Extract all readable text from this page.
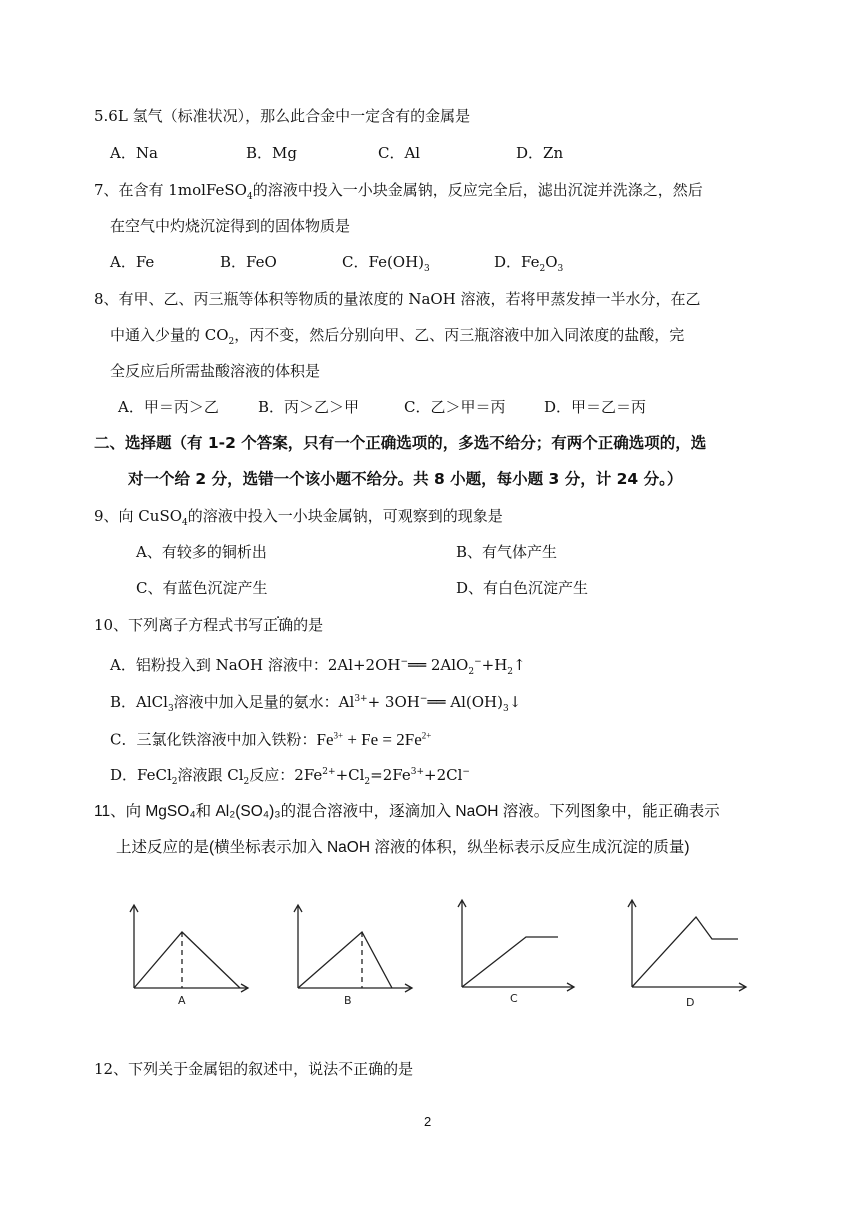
5.6L 氢气（标准状况），那么此合金中一定含有的金属是
A．Na	B．Mg	C．Al	D．Zn
7、在含有 1molFeSO$_4$的溶液中投入一小块金属钠，反应完全后，滤出沉淀并洗涤之，然后
在空气中灼烧沉淀得到的固体物质是
A．Fe	B．FeO	C．$Fe(OH)_3$	D．$Fe_2O_3$
8、有甲、乙、丙三瓶等体积等物质的量浓度的 NaOH 溶液，若将甲蒸发掉一半水分，在乙
中通入少量的 $CO_2$，丙不变，然后分别向甲、乙、丙三瓶溶液中加入同浓度的盐酸，完
全反应后所需盐酸溶液的体积是
A．甲＝丙＞乙	B．丙＞乙＞甲	C．乙＞甲＝丙	D．甲＝乙＝丙
二、选择题（有 1-2 个答案，只有一个正确选项的，多选不给分；有两个正确选项的，选
对一个给 2 分，选错一个该小题不给分。共 8 小题，每小题 3 分，计 24 分。）
9、向 CuSO$_4$的溶液中投入一小块金属钠，可观察到的现象是
A、有较多的铜析出	B、有气体产生
C、有蓝色沉淀产生	D、有白色沉淀产生
10、下列离子方程式书写正确的是
A．铝粉投入到 NaOH 溶液中：2Al+2OH−══ $2AlO_2^-+H_2↑$
B．AlCl$_3$溶液中加入足量的氨水：$Al^{3+}+$ 3OH−══ $Al(OH)_3↓$
C．三氯化铁溶液中加入铁粉：$Fe^{3+} + Fe = 2Fe^{2+}$
D．FeCl$_2$溶液跟 $Cl_2$反应：$2Fe^{2+}+Cl_2=2Fe^{3+}+2Cl^-$
11、向 MgSO₄和 Al₂(SO₄)₃的混合溶液中，逐滴加入 NaOH 溶液。下列图象中，能正确表示
上述反应的是(横坐标表示加入 NaOH 溶液的体积，纵坐标表示反应生成沉淀的质量)
A	B	C	D
12、下列关于金属铝的叙述中，说法不正确的是
2
